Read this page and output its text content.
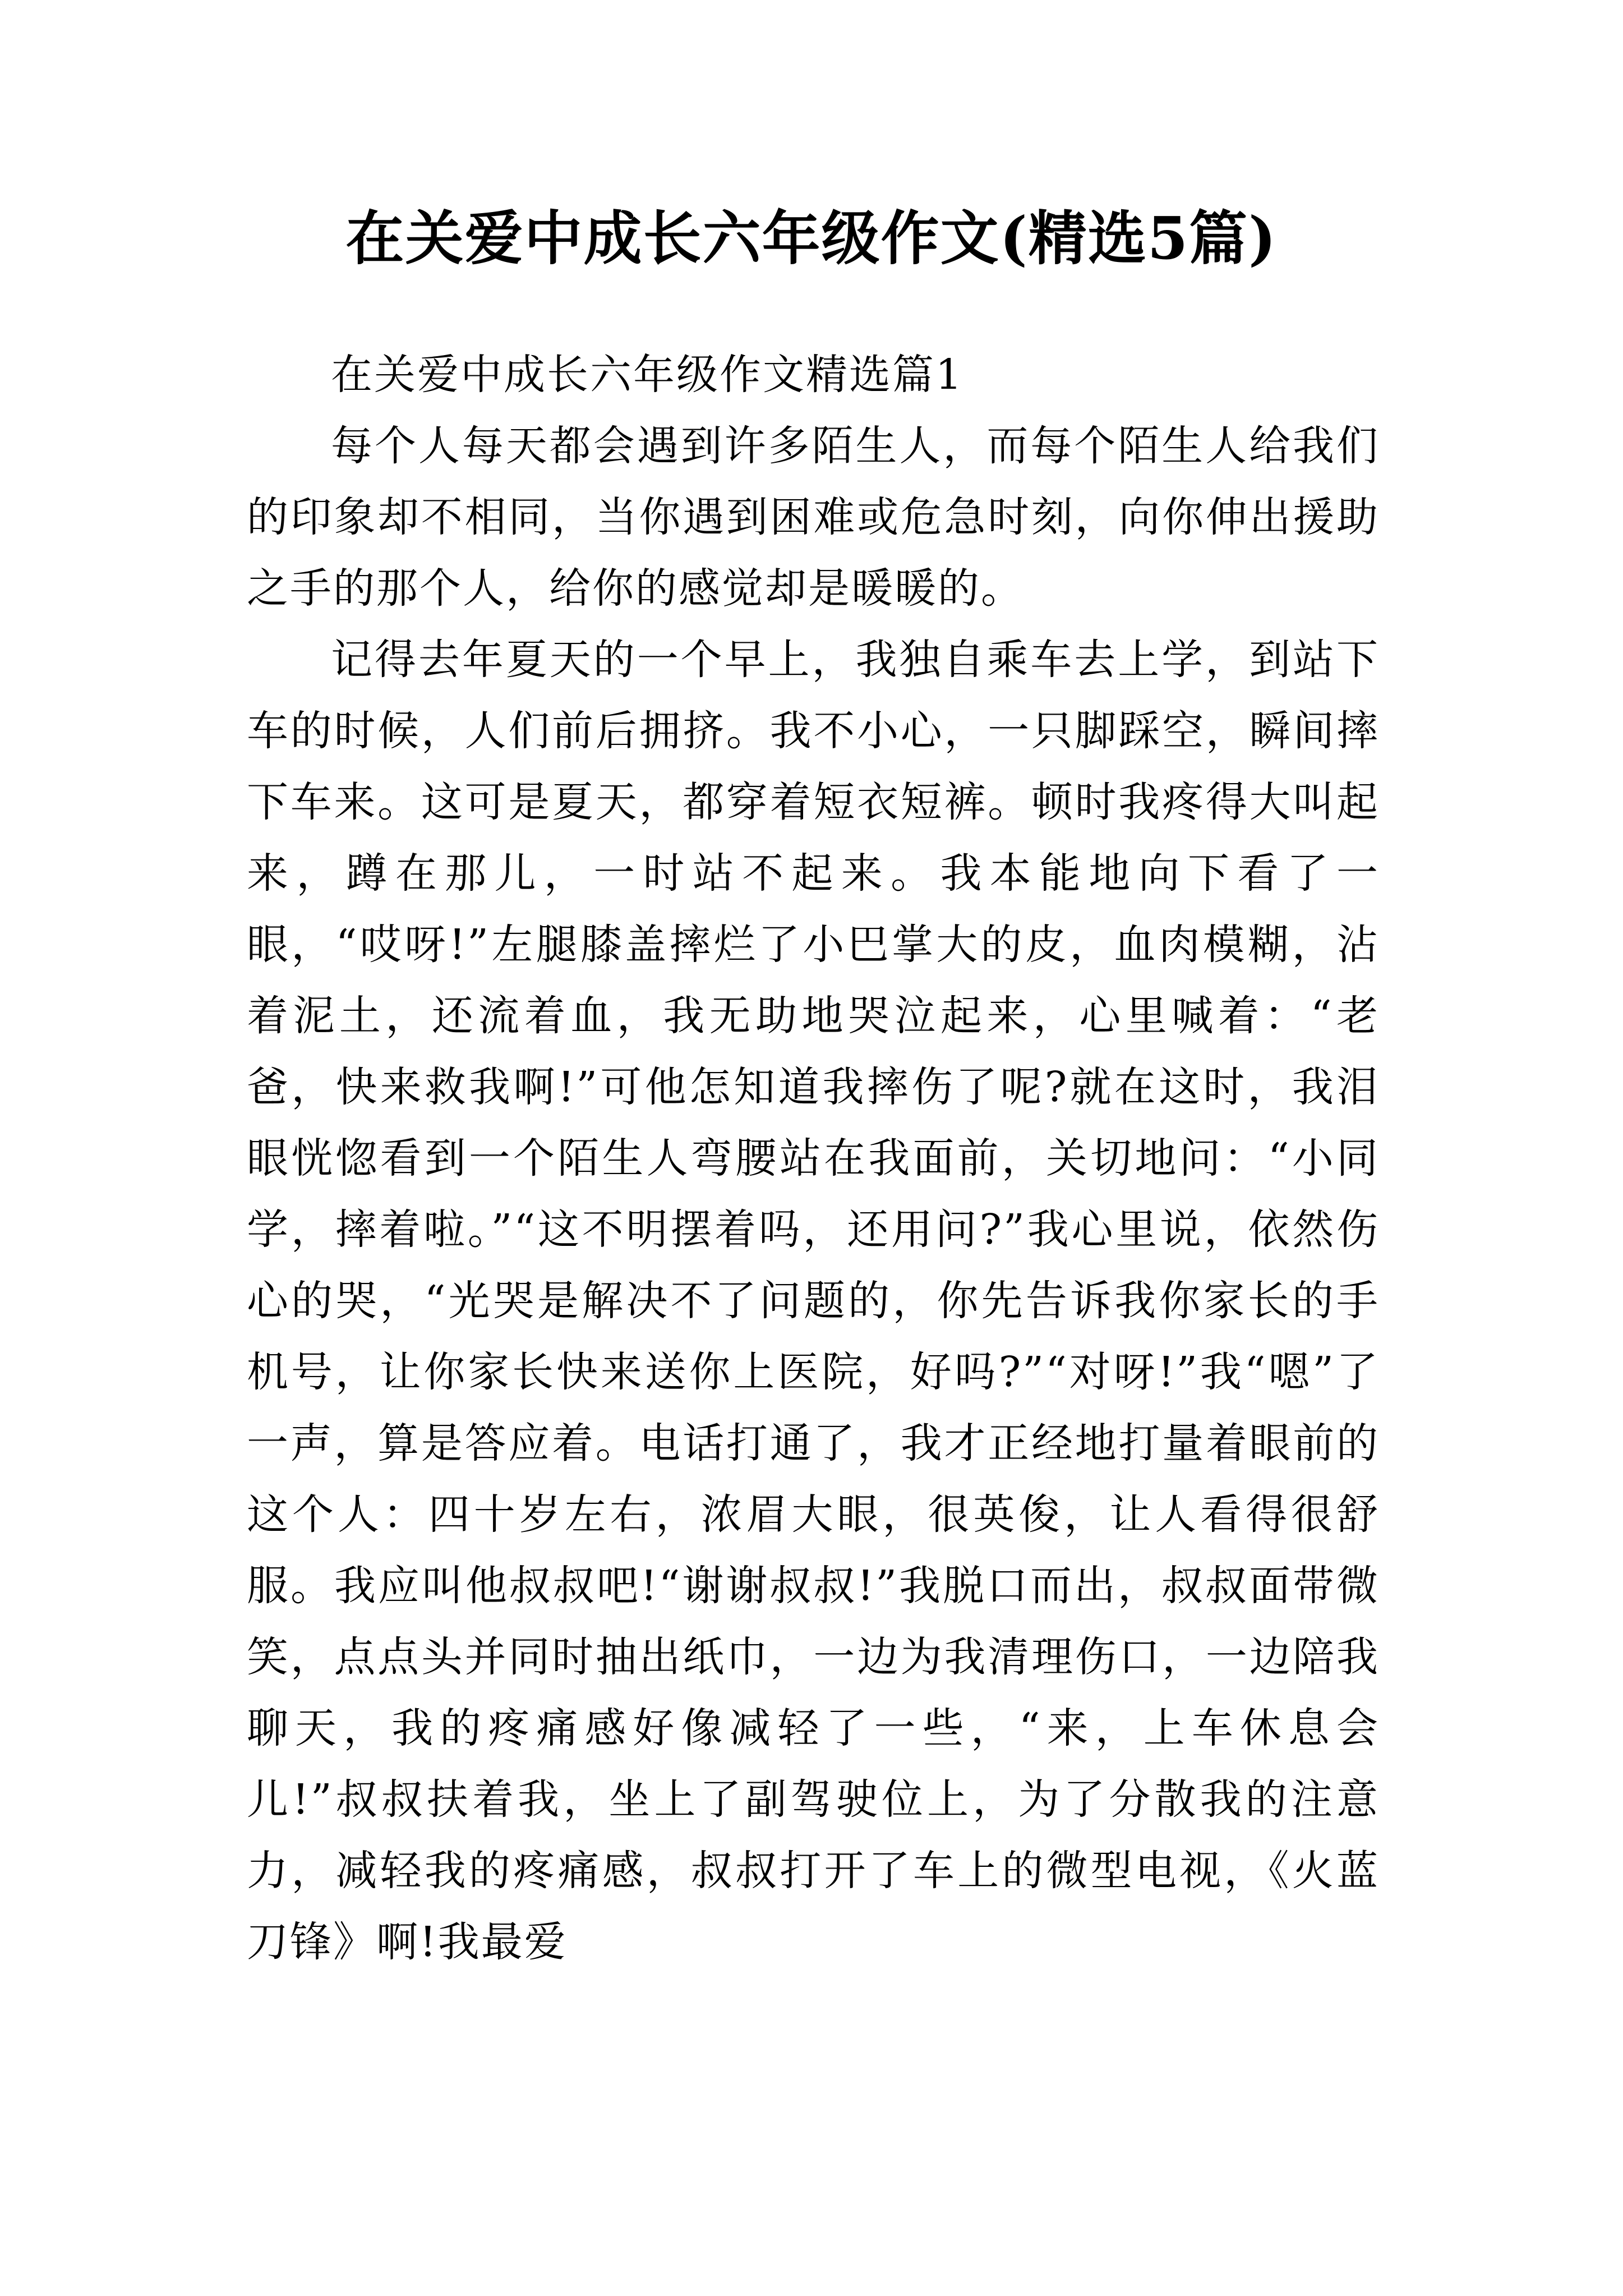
在关爱中成长六年级作文(精选5篇)

在关爱中成长六年级作文精选篇1

每个人每天都会遇到许多陌生人，而每个陌生人给我们的印象却不相同，当你遇到困难或危急时刻，向你伸出援助之手的那个人，给你的感觉却是暖暖的。

记得去年夏天的一个早上，我独自乘车去上学，到站下车的时候，人们前后拥挤。我不小心，一只脚踩空，瞬间摔下车来。这可是夏天，都穿着短衣短裤。顿时我疼得大叫起来，蹲在那儿，一时站不起来。我本能地向下看了一眼，“哎呀!”左腿膝盖摔烂了小巴掌大的皮，血肉模糊，沾着泥土，还流着血，我无助地哭泣起来，心里喊着：“老爸，快来救我啊!”可他怎知道我摔伤了呢?就在这时，我泪眼恍惚看到一个陌生人弯腰站在我面前，关切地问：“小同学，摔着啦。”“这不明摆着吗，还用问?”我心里说，依然伤心的哭，“光哭是解决不了问题的，你先告诉我你家长的手机号，让你家长快来送你上医院，好吗?”“对呀!”我“嗯”了一声，算是答应着。电话打通了，我才正经地打量着眼前的这个人：四十岁左右，浓眉大眼，很英俊，让人看得很舒服。我应叫他叔叔吧!“谢谢叔叔!”我脱口而出，叔叔面带微笑，点点头并同时抽出纸巾，一边为我清理伤口，一边陪我聊天，我的疼痛感好像减轻了一些，“来，上车休息会儿!”叔叔扶着我，坐上了副驾驶位上，为了分散我的注意力，减轻我的疼痛感，叔叔打开了车上的微型电视，《火蓝刀锋》啊!我最爱
